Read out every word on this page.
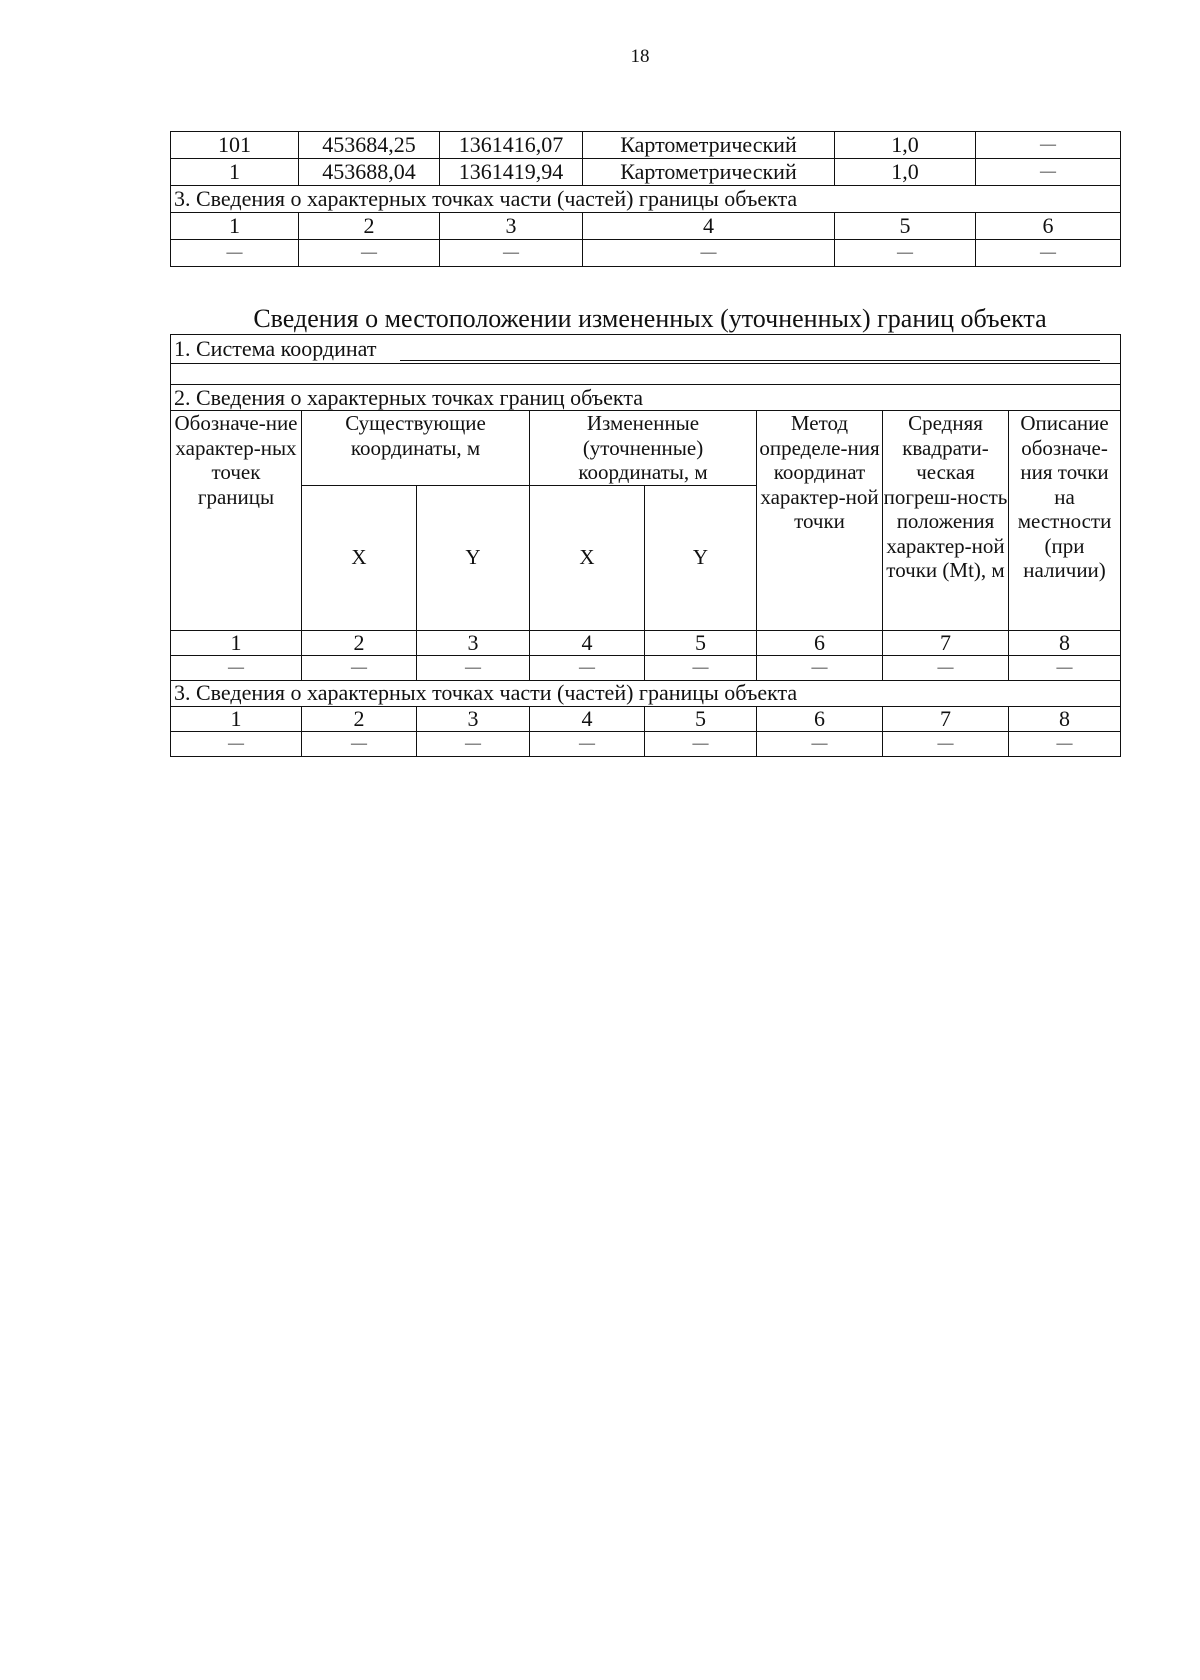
18
101	453684,25	1361416,07	Картометрический	1,0	—
1	453688,04	1361419,94	Картометрический	1,0	—
3. Сведения о характерных точках части (частей) границы объекта					
1	2	3	4	5	6
—	—	—	—	—	—
Сведения о местоположении измененных (уточненных) границ объекта
1. Система координат							

2. Сведения о характерных точках границ объекта							
Обозначе-ние характер-ных точек границы	Существующие координаты, м		Измененные (уточненные) координаты, м		Метод определе-ния координат характер-ной точки	Средняя квадрати-ческая погреш-ность положения характер-ной точки (Mt), м	Описание обозначе-ния точки на местности (при наличии)
	X	Y	X	Y			
1	2	3	4	5	6	7	8
—	—	—	—	—	—	—	—
3. Сведения о характерных точках части (частей) границы объекта							
1	2	3	4	5	6	7	8
—	—	—	—	—	—	—	—
